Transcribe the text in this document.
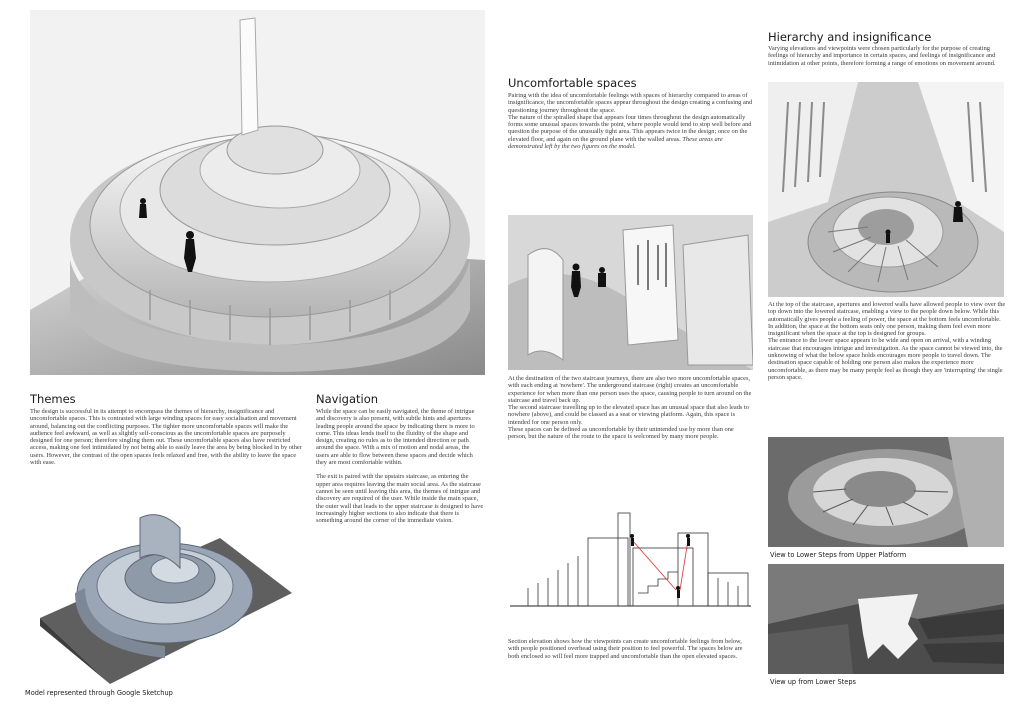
Themes

The design is successful in its attempt to encompass the themes of hierarchy, insignificance and uncomfortable spaces. This is contrasted with large winding spaces for easy socialisation and movement around, balancing out the conflicting purposes. The tighter more uncomfortable spaces will make the audience feel awkward, as well as slightly self-conscious as the uncomfortable spaces are purposely designed for one person; therefore singling them out. These uncomfortable spaces also have restricted access, making one feel intimidated by not being able to easily leave the area by being blocked in by other users. However, the contrast of the open spaces feels relaxed and free, with the ability to leave the space with ease.

Model represented through Google Sketchup
Navigation

While the space can be easily navigated, the theme of intrigue and discovery is also present, with subtle hints and apertures leading people around the space by indicating there is more to come. This ideas lends itself to the fluidity of the shape and design, creating no rules as to the intended direction or path around the space. With a mix of motion and nodal areas, the users are able to flow between these spaces and decide which they are most comfortable within.

The exit is paired with the upstairs staircase, as entering the upper area requires leaving the main social area. As the staircase cannot be seen until leaving this area, the themes of intrigue and discovery are required of the user. While inside the main space, the outer wall that leads to the upper staircase is designed to have increasingly higher sections to also indicate that there is something around the corner of the immediate vision.

Uncomfortable spaces

Pairing with the idea of uncomfortable feelings with spaces of hierarchy compared to areas of insignificance, the uncomfortable spaces appear throughout the design creating a confusing and questioning journey throughout the space.

The nature of the spiralled shape that appears four times throughout the design automatically forms some unusual spaces towards the point, where people would tend to stop well before and question the purpose of the unusually tight area. This appears twice in the design; once on the elevated floor, and again on the ground plane with the walled areas. These areas are demonstrated left by the two figures on the model.

At the destination of the two staircase journeys, there are also two more uncomfortable spaces, with each ending at 'nowhere'. The underground staircase (right) creates an uncomfortable experience for when more than one person uses the space, causing people to turn around on the staircase and travel back up.

The second staircase travelling up to the elevated space has an unusual space that also leads to nowhere (above), and could be classed as a seat or viewing platform. Again, this space is intended for one person only.

These spaces can be defined as uncomfortable by their unintended use by more than one person, but the nature of the route to the space is welcomed by many more people.

Section elevation shows how the viewpoints can create uncomfortable feelings from below, with people positioned overhead using their position to feel powerful. The spaces below are both enclosed so will feel more trapped and uncomfortable than the open elevated spaces.

Hierarchy and insignificance

Varying elevations and viewpoints were chosen particularly for the purpose of creating feelings of hierarchy and importance in certain spaces, and feelings of insignificance and intimidation at other points, therefore forming a range of emotions on movement around.

At the top of the staircase, apertures and lowered walls have allowed people to view over the top down into the lowered staircase, enabling a view to the people down below. While this automatically gives people a feeling of power, the space at the bottom feels uncomfortable. In addition, the space at the bottom seats only one person, making them feel even more insignificant when the space at the top is designed for groups.

The entrance to the lower space appears to be wide and open on arrival, with a winding staircase that encourages intrigue and investigation. As the space cannot be viewed into, the unknowing of what the below space holds encourages more people to travel down. The destination space capable of holding one person also makes the experience more uncomfortable, as there may be many people feel as though they are 'interrupting' the single person space.

View to Lower Steps from Upper Platform
View up from Lower Steps
